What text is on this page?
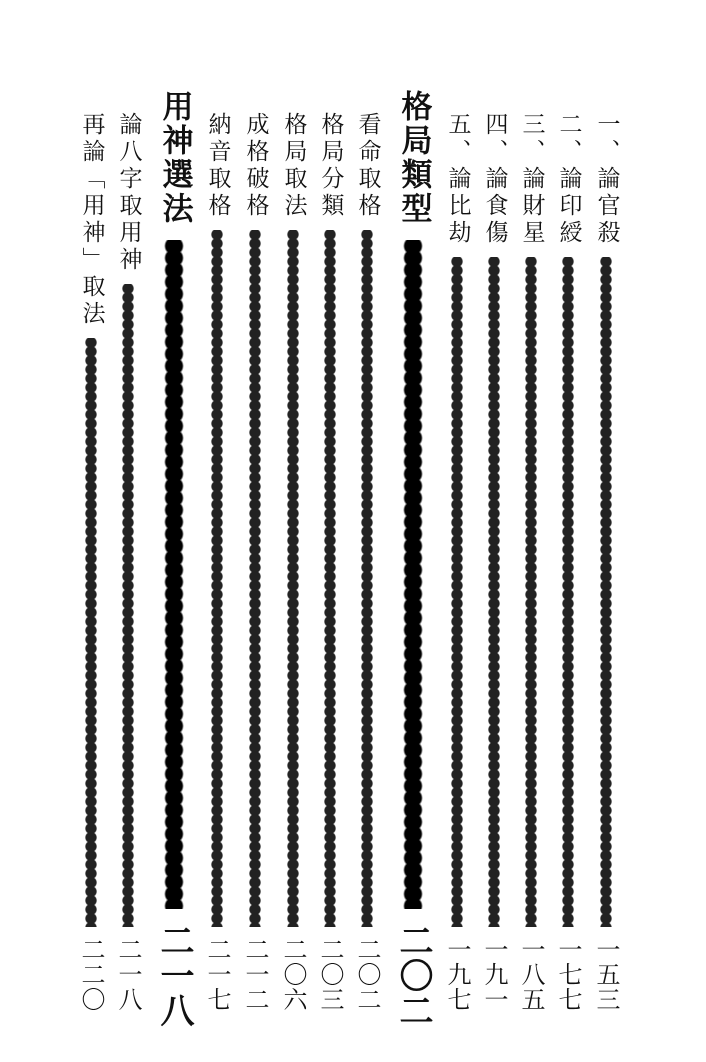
一、論官殺
一五三
二、論印綬
一七七
三、論財星
一八五
四、論食傷
一九一
五、論比劫
一九七
格局類型
二〇二
看命取格
二〇二
格局分類
二〇三
格局取法
二〇六
成格破格
二一二
納音取格
二一七
用神選法
二一八
論八字取用神
二一八
再論「用神」取法
二二〇
